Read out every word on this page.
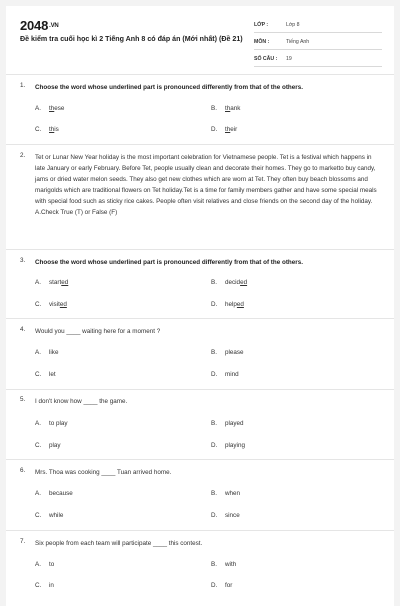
$2048^{.VN}$
Đề kiểm tra cuối học kì 2 Tiếng Anh 8 có đáp án (Mới nhất) (Đề 21)
LỚP :	Lớp 8
MÔN :	Tiếng Anh
SỐ CÂU : 19
1.	Choose the word whose underlined part is pronounced differently from that of the others.
A. these	B. thank
C. this	D. their
2.	Tet or Lunar New Year holiday is the most important celebration for Vietnamese people. Tet is a festival which happens in late January or early February. Before Tet, people usually clean and decorate their homes. They go to marketto buy candy, jams or dried water melon seeds. They also get new clothes which are worn at Tet. They often buy beach blossoms and marigolds which are traditional flowers on Tet holiday.Tet is a time for family members gather and have some special meals with special food such as sticky rice cakes. People often visit relatives and close friends on the second day of the holiday. A.Check True (T) or False (F)
3.	Choose the word whose underlined part is pronounced differently from that of the others.
A. started	B. decided
C. visited	D. helped
4.	Would you ____ waiting here for a moment ?
A. like	B. please
C. let	D. mind
5.	I don't know how ____ the game.
A. to play	B. played
C. play	D. playing
6.	Mrs. Thoa was cooking ____ Tuan arrived home.
A. because	B. when
C. while	D. since
7.	Six people from each team will participate ____ this contest.
A. to	B. with
C. in	D. for
